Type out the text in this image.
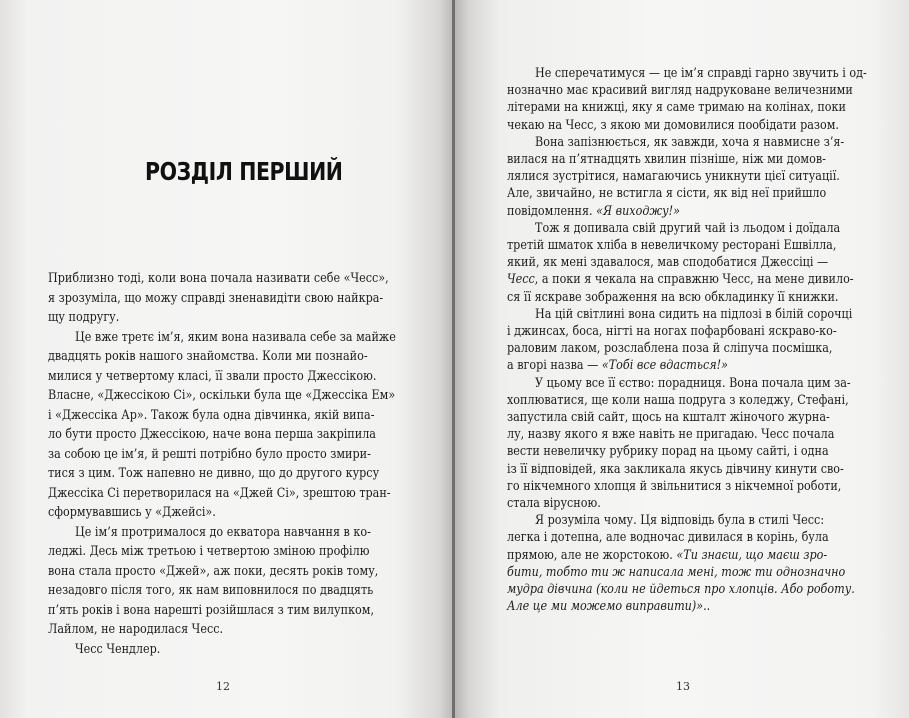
РОЗДІЛ ПЕРШИЙ
Приблизно тоді, коли вона почала називати себе «Чесс»,
я зрозуміла, що можу справді зненавидіти свою найкра-
щу подругу.
Це вже третє ім’я, яким вона називала себе за майже
двадцять років нашого знайомства. Коли ми познайо-
милися у четвертому класі, її звали просто Джессікою.
Власне, «Джессікою Сі», оскільки була ще «Джессіка Ем»
і «Джессіка Ар». Також була одна дівчинка, якій випа-
ло бути просто Джессікою, наче вона перша закріпила
за собою це ім’я, й решті потрібно було просто змири-
тися з цим. Тож напевно не дивно, що до другого курсу
Джессіка Сі перетворилася на «Джей Сі», зрештою тран-
сформувавшись у «Джейсі».
Це ім’я протрималося до екватора навчання в ко-
леджі. Десь між третьою і четвертою зміною профілю
вона стала просто «Джей», аж поки, десять років тому,
незадовго після того, як нам виповнилося по двадцять
п’ять років і вона нарешті розійшлася з тим вилупком,
Лайлом, не народилася Чесс.
Чесс Чендлер.
Не сперечатимуся — це ім’я справді гарно звучить і од-
нозначно має красивий вигляд надруковане величезними
літерами на книжці, яку я саме тримаю на колінах, поки
чекаю на Чесс, з якою ми домовилися пообідати разом.
Вона запізнюється, як завжди, хоча я навмисне з’я-
вилася на п’ятнадцять хвилин пізніше, ніж ми домов-
лялися зустрітися, намагаючись уникнути цієї ситуації.
Але, звичайно, не встигла я сісти, як від неї прийшло
повідомлення. «Я виходжу!»
Тож я допивала свій другий чай із льодом і доїдала
третій шматок хліба в невеличкому ресторані Ешвілла,
який, як мені здавалося, мав сподобатися Джессіці —
Чесс, а поки я чекала на справжню Чесс, на мене дивило-
ся її яскраве зображення на всю обкладинку її книжки.
На цій світлині вона сидить на підлозі в білій сорочці
і джинсах, боса, нігті на ногах пофарбовані яскраво-ко-
раловим лаком, розслаблена поза й сліпуча посмішка,
а вгорі назва — «Тобі все вдасться!»
У цьому все її єство: порадниця. Вона почала цим за-
хоплюватися, ще коли наша подруга з коледжу, Стефані,
запустила свій сайт, щось на кшталт жіночого журна-
лу, назву якого я вже навіть не пригадаю. Чесс почала
вести невеличку рубрику порад на цьому сайті, і одна
із її відповідей, яка закликала якусь дівчину кинути сво-
го нікчемного хлопця й звільнитися з нікчемної роботи,
стала вірусною.
Я розуміла чому. Ця відповідь була в стилі Чесс:
легка і дотепна, але водночас дивилася в корінь, була
прямою, але не жорстокою. «Ти знаєш, що маєш зро-
бити, тобто ти ж написала мені, тож ти однозначно
мудра дівчина (коли не йдеться про хлопців. Або роботу.
Але це ми можемо виправити)»..

12	13
